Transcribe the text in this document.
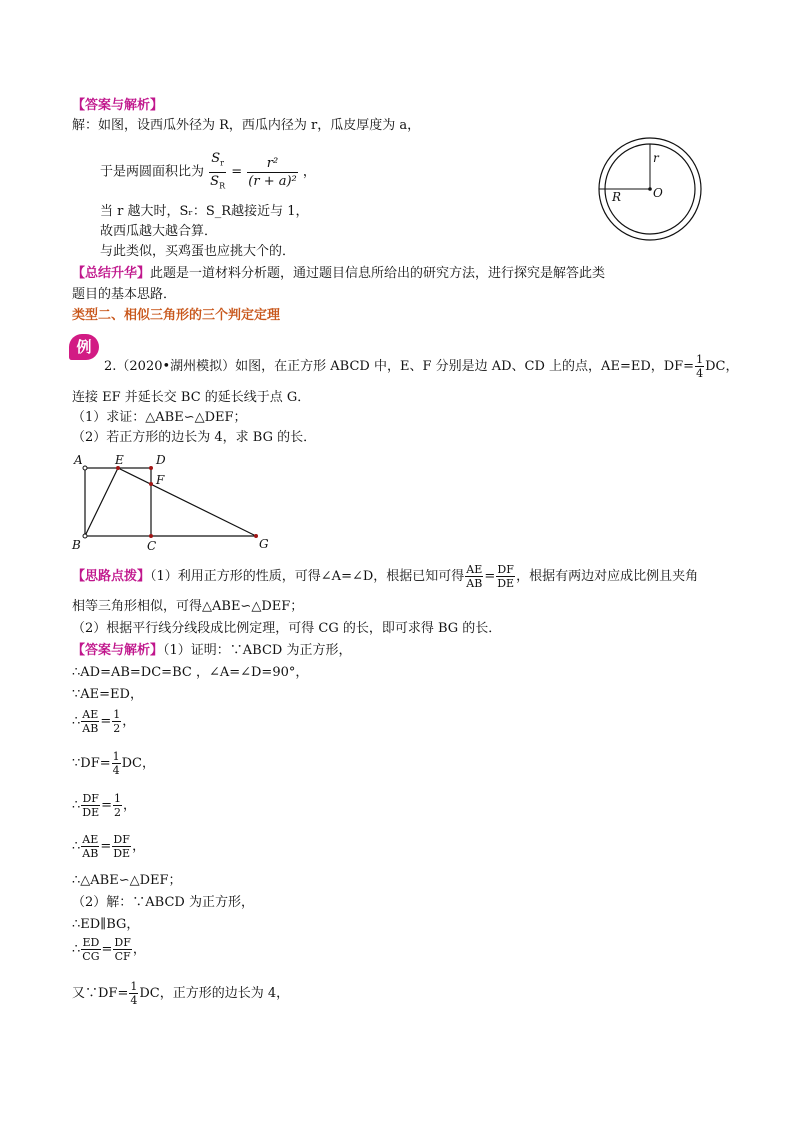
【答案与解析】
解：如图，设西瓜外径为 R，西瓜内径为 r，瓜皮厚度为 a，
于是两圆面积比为 $\frac{S_r}{S_R} = \frac{\text{r²}}{\text{(r + a)²}}$ ，
当 r 越大时，Sᵣ：S_R越接近与 1，
故西瓜越大越合算．
与此类似，买鸡蛋也应挑大个的．
r
R	O
【总结升华】此题是一道材料分析题，通过题目信息所给出的研究方法，进行探究是解答此类
题目的基本思路．
类型二、相似三角形的三个判定定理
例
2.（2020•湖州模拟）如图，在正方形 ABCD 中，E、F 分别是边 AD、CD 上的点，AE=ED，$DF= \frac{1}{4}$ DC，
连接 EF 并延长交 BC 的延长线于点 G．
（1）求证：△ABE∽△DEF；
（2）若正方形的边长为 4，求 BG 的长．
A	E	D
F
B	C	G
【思路点拨】（1）利用正方形的性质，可得∠A=∠D，根据已知可得 $\frac{AE}{AB} = \frac{DF}{DE}$ ，根据有两边对应成比例且夹角
相等三角形相似，可得△ABE∽△DEF；
（2）根据平行线分线段成比例定理，可得 CG 的长，即可求得 BG 的长．
【答案与解析】（1）证明：∵ABCD 为正方形，
∴AD=AB=DC=BC ，∠A=∠D=90°，
∵AE=ED，
∴ $\frac{AE}{AB} = \frac{1}{2}$ ，
∵DF= $\frac{1}{4}$ DC，
∴ $\frac{DF}{DE} = \frac{1}{2}$ ，
∴ $\frac{AE}{AB} = \frac{DF}{DE}$ ，
∴△ABE∽△DEF；
（2）解：∵ABCD 为正方形，
∴ED∥BG，
∴ $\frac{ED}{CG} = \frac{DF}{CF}$ ，
又∵DF= $\frac{1}{4}$ DC，正方形的边长为 4，
